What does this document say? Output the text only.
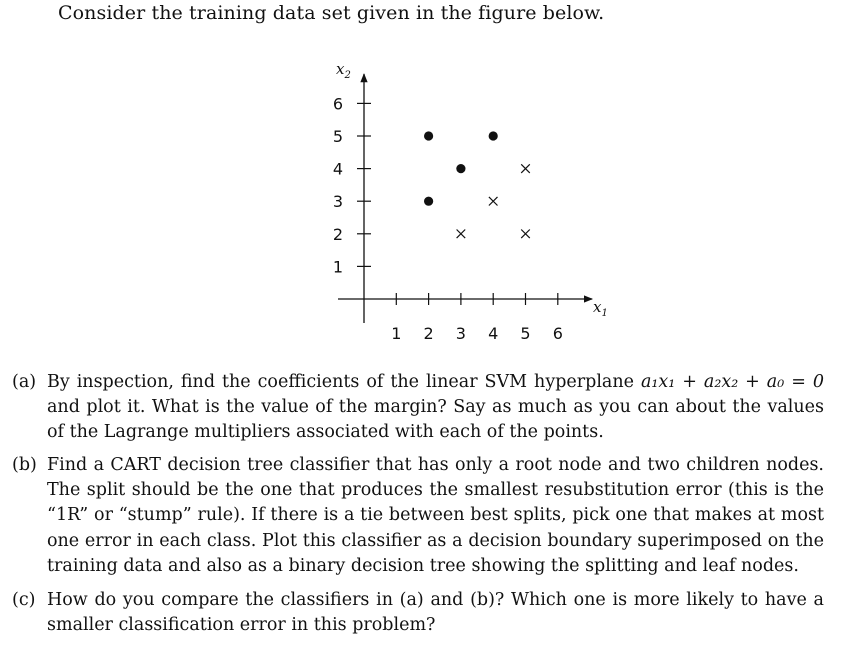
Consider the training data set given in the figure below.
1 2 3 4 5 6
1
2
3
4
5
6
$x_2$
$x_1$
(a) By inspection, find the coefficients of the linear SVM hyperplane a₁x₁ + a₂x₂ + a₀ = 0 and plot it. What is the value of the margin? Say as much as you can about the values of the Lagrange multipliers associated with each of the points.
(b) Find a CART decision tree classifier that has only a root node and two children nodes. The split should be the one that produces the smallest resubstitution error (this is the “1R” or “stump” rule). If there is a tie between best splits, pick one that makes at most one error in each class. Plot this classifier as a decision boundary superimposed on the training data and also as a binary decision tree showing the splitting and leaf nodes.
(c) How do you compare the classifiers in (a) and (b)? Which one is more likely to have a smaller classification error in this problem?
